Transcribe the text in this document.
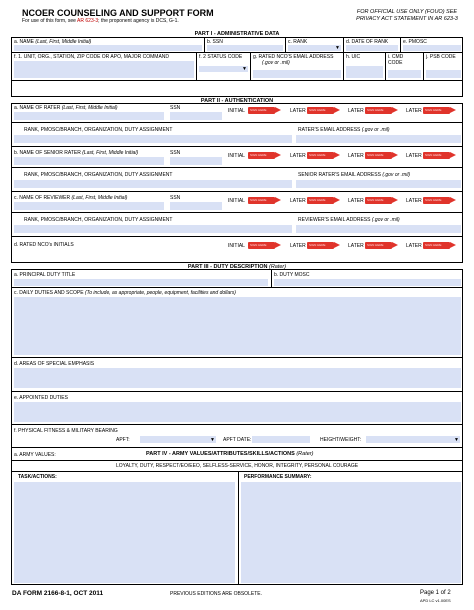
NCOER COUNSELING AND SUPPORT FORM
For use of this form, see AR 623-3; the proponent agency is DCS, G-1.
FOR OFFICIAL USE ONLY (FOUO) SEE
PRIVACY ACT STATEMENT IN AR 623-3
PART I - ADMINISTRATIVE DATA
a. NAME (Last, First, Middle Initial)	b. SSN	c. RANK
▼
d. DATE OF RANK	e. PMOSC
f. 1. UNIT, ORG., STATION, ZIP CODE OR APO, MAJOR COMMAND	f. 2 STATUS CODE
▼
g. RATED NCO'S EMAIL ADDRESS
(.gov or .mil)
h. UIC	i. CMD CODE
j. PSB CODE
PART II - AUTHENTICATION
a. NAME OF RATER (Last, First, Middle Initial)	SSN	INITIAL SIGN HERE	LATER SIGN HERE	LATER SIGN HERE	LATER SIGN HERE
RANK, PMOSC/BRANCH, ORGANIZATION, DUTY ASSIGNMENT	RATER'S EMAIL ADDRESS (.gov or .mil)
b. NAME OF SENIOR RATER (Last, First, Middle Initial)	SSN	INITIAL SIGN HERE	LATER SIGN HERE	LATER SIGN HERE	LATER SIGN HERE
RANK, PMOSC/BRANCH, ORGANIZATION, DUTY ASSIGNMENT	SENIOR RATER'S EMAIL ADDRESS (.gov or .mil)
c. NAME OF REVIEWER (Last, First, Middle Initial)	SSN	INITIAL SIGN HERE	LATER SIGN HERE	LATER SIGN HERE	LATER SIGN HERE
RANK, PMOSC/BRANCH, ORGANIZATION, DUTY ASSIGNMENT	REVIEWER'S EMAIL ADDRESS (.gov or .mil)
d. RATED NCO's INITIALS	INITIAL SIGN HERE	LATER SIGN HERE	LATER SIGN HERE	LATER SIGN HERE
PART III - DUTY DESCRIPTION (Rater)
a. PRINCIPAL DUTY TITLE	b. DUTY MOSC
c. DAILY DUTIES AND SCOPE (To include, as appropriate, people, equipment, facilities and dollars)
d. AREAS OF SPECIAL EMPHASIS
e. APPOINTED DUTIES
f. PHYSICAL FITNESS & MILITARY BEARING
APFT:	▼ APFT DATE:	HEIGHT/WEIGHT:	▼
a. ARMY VALUES:	PART IV - ARMY VALUES/ATTRIBUTES/SKILLS/ACTIONS (Rater)
LOYALTY, DUTY, RESPECT/EO/EEO, SELFLESS-SERVICE, HONOR, INTEGRITY, PERSONAL COURAGE
TASK/ACTIONS:	PERFORMANCE SUMMARY:
DA FORM 2166-8-1, OCT 2011	PREVIOUS EDITIONS ARE OBSOLETE.	Page 1 of 2
APD LC v1.00ES
